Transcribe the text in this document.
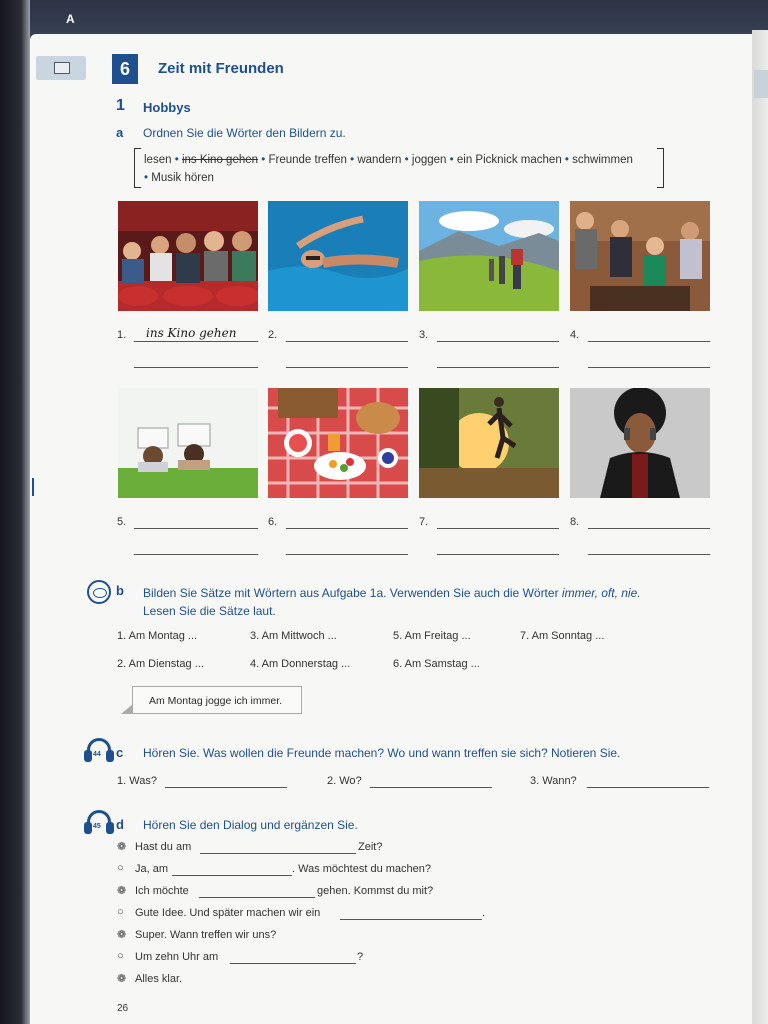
A
6	Zeit mit Freunden
1 Hobbys
a Ordnen Sie die Wörter den Bildern zu.
lesen • ins Kino gehen • Freunde treffen • wandern • joggen • ein Picknick machen • schwimmen
• Musik hören
1. ins Kino gehen	2.	3.	4.
5.	6.	7.	8.
b Bilden Sie Sätze mit Wörtern aus Aufgabe 1a. Verwenden Sie auch die Wörter immer, oft, nie.
Lesen Sie die Sätze laut.
1. Am Montag ...	3. Am Mittwoch ...	5. Am Freitag ...	7. Am Sonntag ...
2. Am Dienstag ...	4. Am Donnerstag ...	6. Am Samstag ...
Am Montag jogge ich immer.
44 c Hören Sie. Was wollen die Freunde machen? Wo und wann treffen sie sich? Notieren Sie.
1. Was?	2. Wo?	3. Wann?
45 d Hören Sie den Dialog und ergänzen Sie.
❁ Hast du am	Zeit?
○ Ja, am	. Was möchtest du machen?
❁ Ich möchte	gehen. Kommst du mit?
○ Gute Idee. Und später machen wir ein	.
❁ Super. Wann treffen wir uns?
○ Um zehn Uhr am	?
❁ Alles klar.
26
